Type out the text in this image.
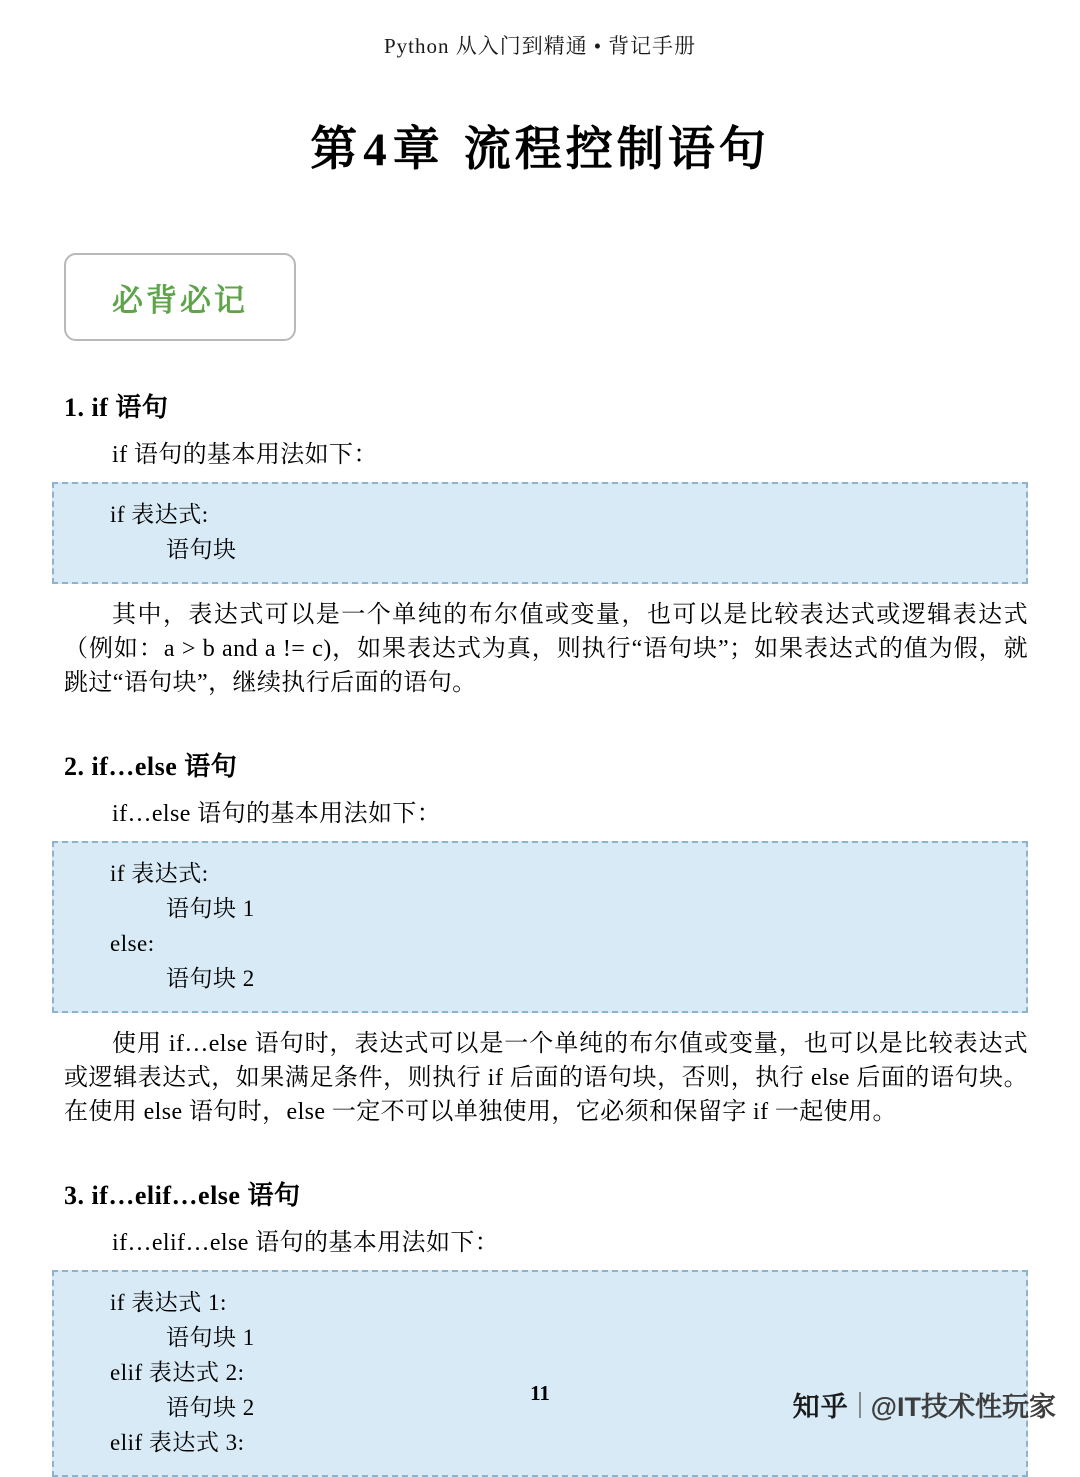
Python 从入门到精通 • 背记手册
第4章 流程控制语句
必背必记
1. if 语句
if 语句的基本用法如下：
if 表达式:
语句块
其中，表达式可以是一个单纯的布尔值或变量，也可以是比较表达式或逻辑表达式（例如：a > b and a != c)，如果表达式为真，则执行“语句块”；如果表达式的值为假，就跳过“语句块”，继续执行后面的语句。
2. if…else 语句
if…else 语句的基本用法如下：
if 表达式:
语句块 1
else:
语句块 2
使用 if…else 语句时，表达式可以是一个单纯的布尔值或变量，也可以是比较表达式或逻辑表达式，如果满足条件，则执行 if 后面的语句块，否则，执行 else 后面的语句块。在使用 else 语句时，else 一定不可以单独使用，它必须和保留字 if 一起使用。
3. if…elif…else 语句
if…elif…else 语句的基本用法如下：
if 表达式 1:
语句块 1
elif 表达式 2:
语句块 2
elif 表达式 3:
11	知乎 @IT技术性玩家
